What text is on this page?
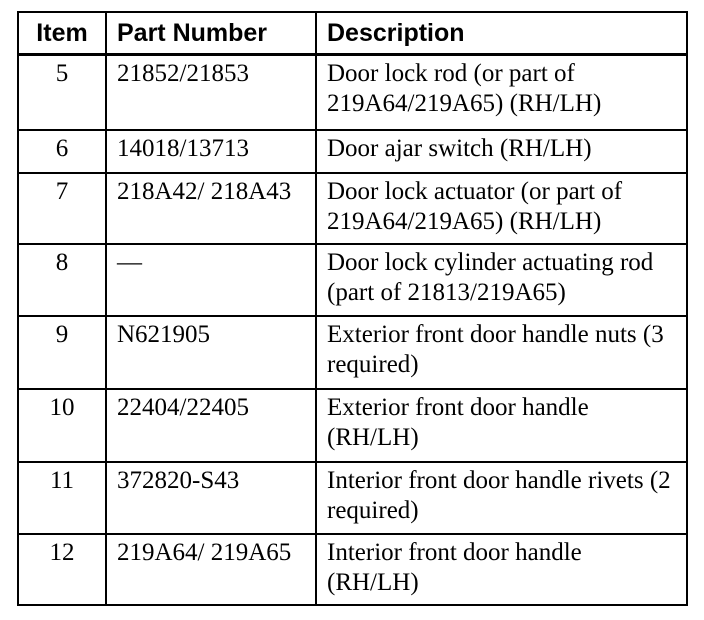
Item	Part Number	Description
5	21852/21853	Door lock rod (or part of 219A64/219A65) (RH/LH)
6	14018/13713	Door ajar switch (RH/LH)
7	218A42/ 218A43	Door lock actuator (or part of 219A64/219A65) (RH/LH)
8	—	Door lock cylinder actuating rod (part of 21813/219A65)
9	N621905	Exterior front door handle nuts (3 required)
10	22404/22405	Exterior front door handle (RH/LH)
11	372820-S43	Interior front door handle rivets (2 required)
12	219A64/ 219A65	Interior front door handle (RH/LH)
